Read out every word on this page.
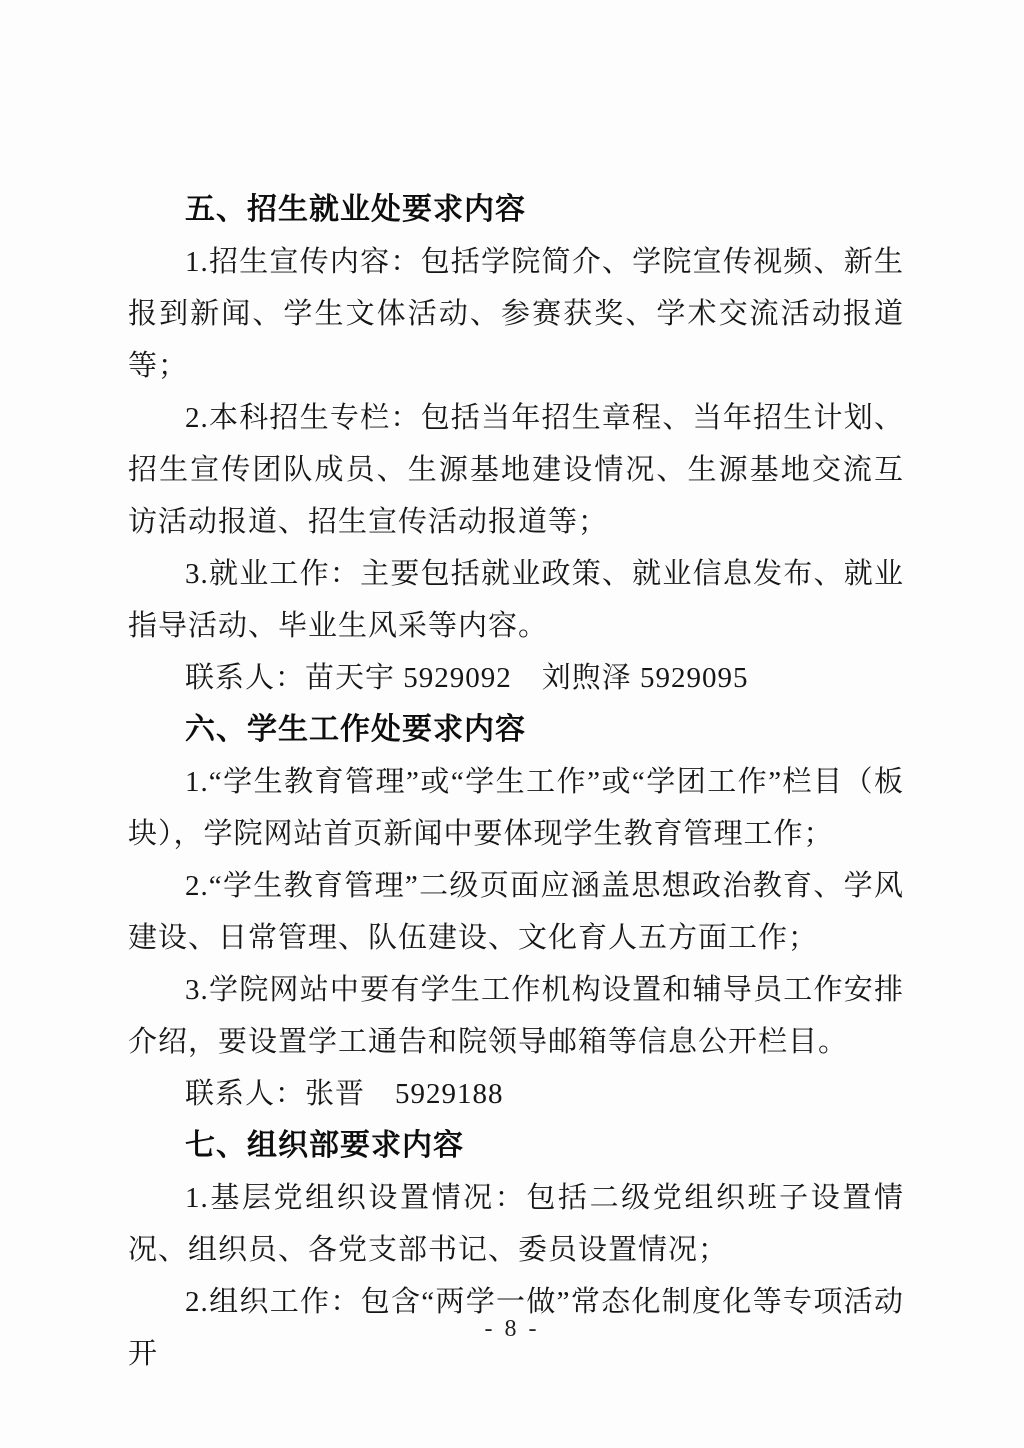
五、招生就业处要求内容

1.招生宣传内容：包括学院简介、学院宣传视频、新生报到新闻、学生文体活动、参赛获奖、学术交流活动报道等；

2.本科招生专栏：包括当年招生章程、当年招生计划、招生宣传团队成员、生源基地建设情况、生源基地交流互访活动报道、招生宣传活动报道等；

3.就业工作：主要包括就业政策、就业信息发布、就业指导活动、毕业生风采等内容。

联系人：苗天宇 5929092　刘煦泽 5929095

六、学生工作处要求内容

1.“学生教育管理”或“学生工作”或“学团工作”栏目（板块），学院网站首页新闻中要体现学生教育管理工作；

2.“学生教育管理”二级页面应涵盖思想政治教育、学风建设、日常管理、队伍建设、文化育人五方面工作；

3.学院网站中要有学生工作机构设置和辅导员工作安排介绍，要设置学工通告和院领导邮箱等信息公开栏目。

联系人：张晋　5929188

七、组织部要求内容

1.基层党组织设置情况：包括二级党组织班子设置情况、组织员、各党支部书记、委员设置情况；

2.组织工作：包含“两学一做”常态化制度化等专项活动开

- 8 -
